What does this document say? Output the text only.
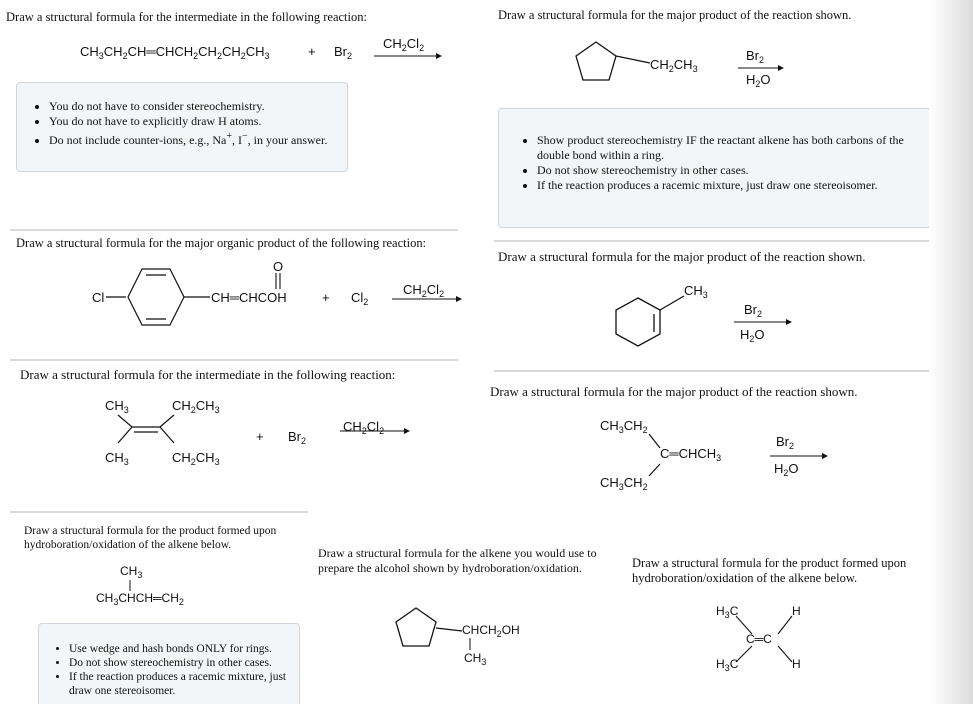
Draw a structural formula for the intermediate in the following reaction:
$CH_3CH_2CH═CHCH_2CH_2CH_2CH_3$	+ $Br_2$
$CH_2Cl_2$
• You do not have to consider stereochemistry.
• You do not have to explicitly draw H atoms.
• Do not include counter-ions, e.g., Na+, I−, in your answer.
Draw a structural formula for the major product of the reaction shown.
$CH_2CH_3$
$Br_2$
$H_2O$
• Show product stereochemistry IF the reactant alkene has both carbons of the double bond within a ring.
• Do not show stereochemistry in other cases.
• If the reaction produces a racemic mixture, just draw one stereoisomer.
Draw a structural formula for the major organic product of the following reaction:
Cl
O
CH═CHCOH	+ $Cl_2$
$CH_2Cl_2$
Draw a structural formula for the major product of the reaction shown.
$CH_3$
$Br_2$
$H_2O$
Draw a structural formula for the intermediate in the following reaction:
$CH_3$	$CH_2CH_3$
$CH_3$	$CH_2CH_3$
+ $Br_2$
$CH_2Cl_2$
Draw a structural formula for the major product of the reaction shown.
$CH_3CH_2$
$C═CHCH_3$
$CH_3CH_2$
$Br_2$
$H_2O$
Draw a structural formula for the product formed upon hydroboration/oxidation of the alkene below.
$CH_3$
$CH_3CHCH═CH_2$
• Use wedge and hash bonds ONLY for rings.
• Do not show stereochemistry in other cases.
• If the reaction produces a racemic mixture, just draw one stereoisomer.
Draw a structural formula for the alkene you would use to prepare the alcohol shown by hydroboration/oxidation.
$CHCH_2OH$
$CH_3$
Draw a structural formula for the product formed upon hydroboration/oxidation of the alkene below.
$H_3C$	H
C═C
$H_3C$	H
